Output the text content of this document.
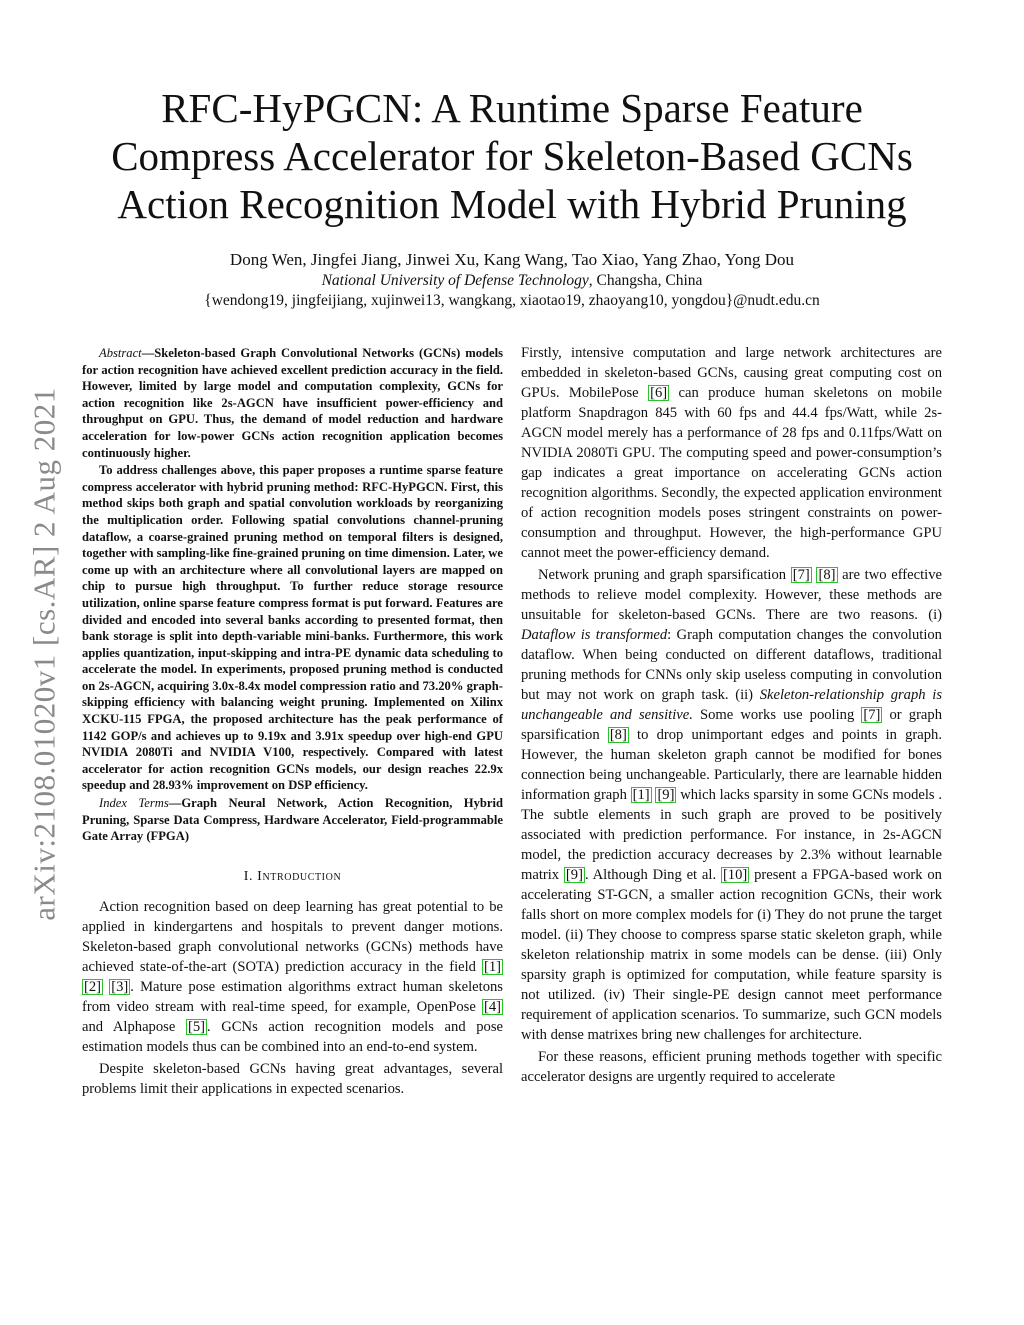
arXiv:2108.01020v1 [cs.AR] 2 Aug 2021
RFC-HyPGCN: A Runtime Sparse Feature
Compress Accelerator for Skeleton-Based GCNs
Action Recognition Model with Hybrid Pruning
Dong Wen, Jingfei Jiang, Jinwei Xu, Kang Wang, Tao Xiao, Yang Zhao, Yong Dou
National University of Defense Technology, Changsha, China
{wendong19, jingfeijiang, xujinwei13, wangkang, xiaotao19, zhaoyang10, yongdou}@nudt.edu.cn

Abstract—Skeleton-based Graph Convolutional Networks (GCNs) models for action recognition have achieved excellent prediction accuracy in the field. However, limited by large model and computation complexity, GCNs for action recognition like 2s-AGCN have insufficient power-efficiency and throughput on GPU. Thus, the demand of model reduction and hardware acceleration for low-power GCNs action recognition application becomes continuously higher.

To address challenges above, this paper proposes a runtime sparse feature compress accelerator with hybrid pruning method: RFC-HyPGCN. First, this method skips both graph and spatial convolution workloads by reorganizing the multiplication order. Following spatial convolutions channel-pruning dataflow, a coarse-grained pruning method on temporal filters is designed, together with sampling-like fine-grained pruning on time dimension. Later, we come up with an architecture where all convolutional layers are mapped on chip to pursue high throughput. To further reduce storage resource utilization, online sparse feature compress format is put forward. Features are divided and encoded into several banks according to presented format, then bank storage is split into depth-variable mini-banks. Furthermore, this work applies quantization, input-skipping and intra-PE dynamic data scheduling to accelerate the model. In experiments, proposed pruning method is conducted on 2s-AGCN, acquiring 3.0x-8.4x model compression ratio and 73.20% graph-skipping efficiency with balancing weight pruning. Implemented on Xilinx XCKU-115 FPGA, the proposed architecture has the peak performance of 1142 GOP/s and achieves up to 9.19x and 3.91x speedup over high-end GPU NVIDIA 2080Ti and NVIDIA V100, respectively. Compared with latest accelerator for action recognition GCNs models, our design reaches 22.9x speedup and 28.93% improvement on DSP efficiency.

Index Terms—Graph Neural Network, Action Recognition, Hybrid Pruning, Sparse Data Compress, Hardware Accelerator, Field-programmable Gate Array (FPGA)

I. Introduction

Action recognition based on deep learning has great potential to be applied in kindergartens and hospitals to prevent danger motions. Skeleton-based graph convolutional networks (GCNs) methods have achieved state-of-the-art (SOTA) prediction accuracy in the field [1] [2] [3] . Mature pose estimation algorithms extract human skeletons from video stream with real-time speed, for example, OpenPose [4] and Alphapose [5] . GCNs action recognition models and pose estimation models thus can be combined into an end-to-end system.

Despite skeleton-based GCNs having great advantages, several problems limit their applications in expected scenarios.

Firstly, intensive computation and large network architectures are embedded in skeleton-based GCNs, causing great computing cost on GPUs. MobilePose [6] can produce human skeletons on mobile platform Snapdragon 845 with 60 fps and 44.4 fps/Watt, while 2s-AGCN model merely has a performance of 28 fps and 0.11fps/Watt on NVIDIA 2080Ti GPU. The computing speed and power-consumption’s gap indicates a great importance on accelerating GCNs action recognition algorithms. Secondly, the expected application environment of action recognition models poses stringent constraints on power-consumption and throughput. However, the high-performance GPU cannot meet the power-efficiency demand.

Network pruning and graph sparsification [7] [8] are two effective methods to relieve model complexity. However, these methods are unsuitable for skeleton-based GCNs. There are two reasons. (i) Dataflow is transformed: Graph computation changes the convolution dataflow. When being conducted on different dataflows, traditional pruning methods for CNNs only skip useless computing in convolution but may not work on graph task. (ii) Skeleton-relationship graph is unchangeable and sensitive. Some works use pooling [7] or graph sparsification [8] to drop unimportant edges and points in graph. However, the human skeleton graph cannot be modified for bones connection being unchangeable. Particularly, there are learnable hidden information graph [1] [9] which lacks sparsity in some GCNs models . The subtle elements in such graph are proved to be positively associated with prediction performance. For instance, in 2s-AGCN model, the prediction accuracy decreases by 2.3% without learnable matrix [9] . Although Ding et al. [10] present a FPGA-based work on accelerating ST-GCN, a smaller action recognition GCNs, their work falls short on more complex models for (i) They do not prune the target model. (ii) They choose to compress sparse static skeleton graph, while skeleton relationship matrix in some models can be dense. (iii) Only sparsity graph is optimized for computation, while feature sparsity is not utilized. (iv) Their single-PE design cannot meet performance requirement of application scenarios. To summarize, such GCN models with dense matrixes bring new challenges for architecture.

For these reasons, efficient pruning methods together with specific accelerator designs are urgently required to accelerate
